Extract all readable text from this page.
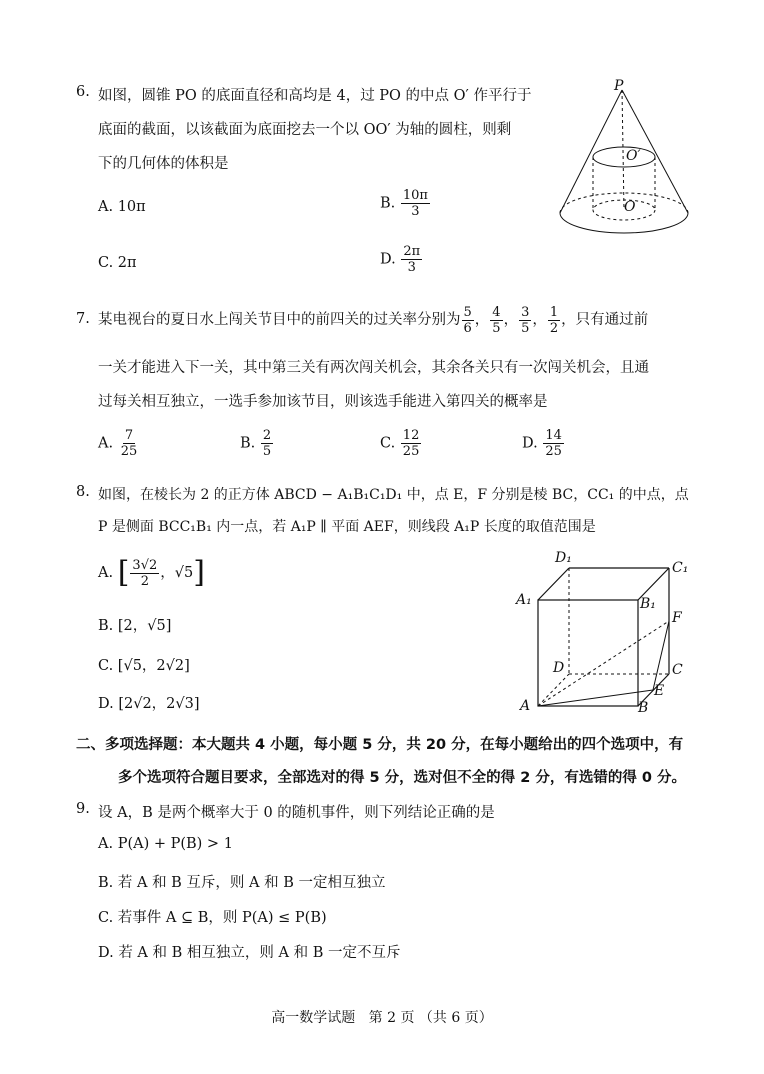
6. 如图，圆锥 PO 的底面直径和高均是 4，过 PO 的中点 O′ 作平行于
底面的截面，以该截面为底面挖去一个以 OO′ 为轴的圆柱，则剩
下的几何体的体积是
A. 10π	B. $\frac{10\pi}{3}$
C. 2π	D. $\frac{2\pi}{3}$
P
O′
O
7. 某电视台的夏日水上闯关节目中的前四关的过关率分别为 $\frac{5}{6}$ ， $\frac{4}{5}$ ， $\frac{3}{5}$ ， $\frac{1}{2}$ ，只有通过前
一关才能进入下一关，其中第三关有两次闯关机会，其余各关只有一次闯关机会，且通
过每关相互独立，一选手参加该节目，则该选手能进入第四关的概率是
A. $\frac{7}{25}$	B. $\frac{2}{5}$	C. $\frac{12}{25}$	D. $\frac{14}{25}$
8. 如图，在棱长为 2 的正方体 ABCD − A₁B₁C₁D₁ 中，点 E，F 分别是棱 BC，CC₁ 的中点，点
P 是侧面 BCC₁B₁ 内一点，若 A₁P ∥ 平面 AEF，则线段 A₁P 长度的取值范围是
A. [ $\frac{3√2}{2}$ ，√5]
B. [2，√5]
C. [√5，2√2]
D. [2√2，2√3]
D₁
C₁
A₁	B₁
F
D	C
A	B
E
二、多项选择题：本大题共 4 小题，每小题 5 分，共 20 分，在每小题给出的四个选项中，有
多个选项符合题目要求，全部选对的得 5 分，选对但不全的得 2 分，有选错的得 0 分。
9. 设 A，B 是两个概率大于 0 的随机事件，则下列结论正确的是
A. P(A) + P(B) > 1
B. 若 A 和 B 互斥，则 A 和 B 一定相互独立
C. 若事件 A ⊆ B，则 P(A) ≤ P(B)
D. 若 A 和 B 相互独立，则 A 和 B 一定不互斥
高一数学试题   第 2 页 （共 6 页）
